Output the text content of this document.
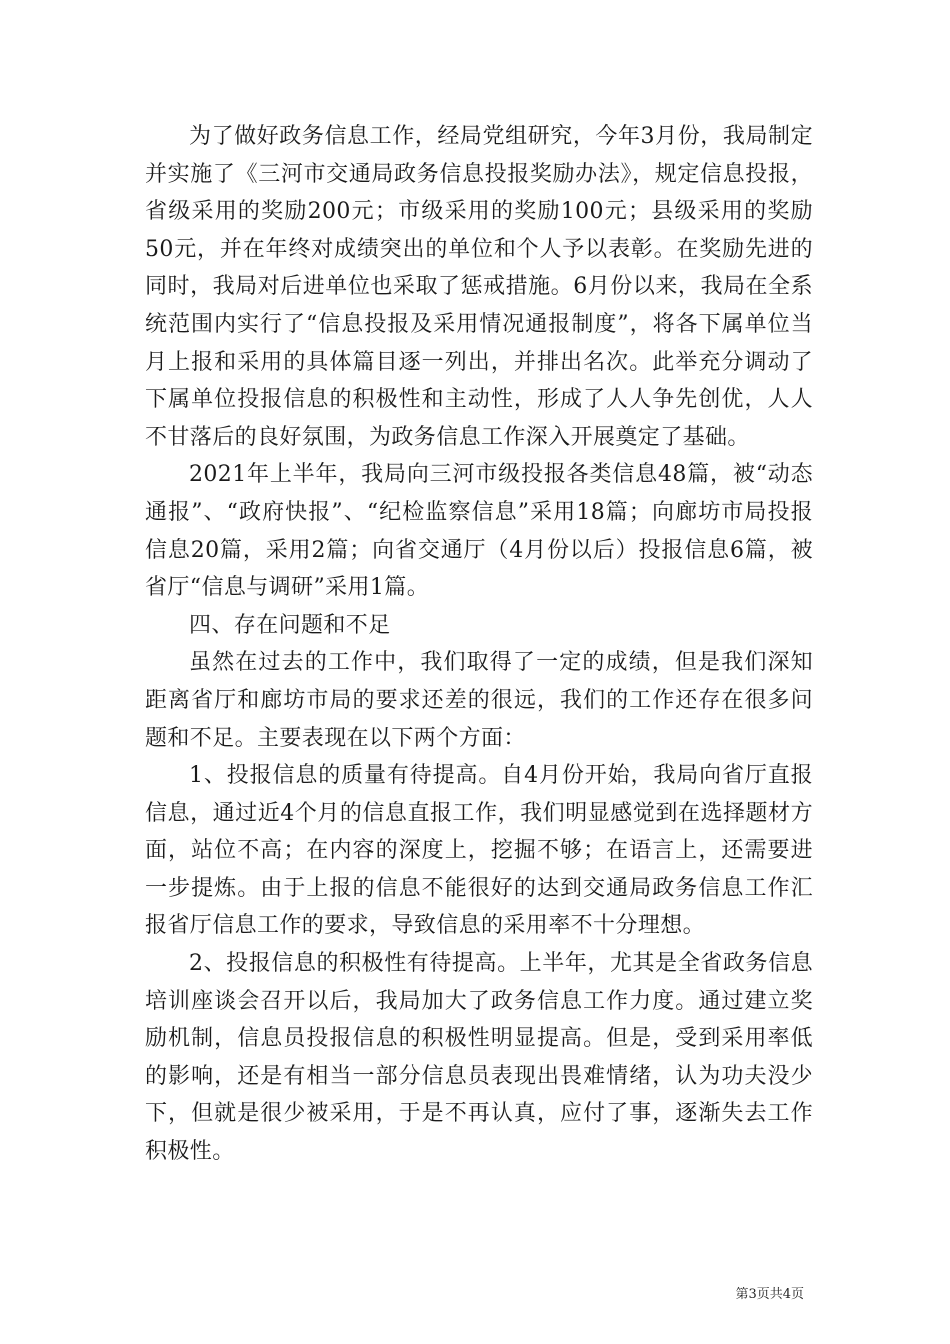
为了做好政务信息工作，经局党组研究，今年3月份，我局制定并实施了《三河市交通局政务信息投报奖励办法》，规定信息投报，省级采用的奖励200元；市级采用的奖励100元；县级采用的奖励50元，并在年终对成绩突出的单位和个人予以表彰。在奖励先进的同时，我局对后进单位也采取了惩戒措施。6月份以来，我局在全系统范围内实行了“信息投报及采用情况通报制度”，将各下属单位当月上报和采用的具体篇目逐一列出，并排出名次。此举充分调动了下属单位投报信息的积极性和主动性，形成了人人争先创优，人人不甘落后的良好氛围，为政务信息工作深入开展奠定了基础。

2021年上半年，我局向三河市级投报各类信息48篇，被“动态通报”、“政府快报”、“纪检监察信息”采用18篇；向廊坊市局投报信息20篇，采用2篇；向省交通厅（4月份以后）投报信息6篇，被省厅“信息与调研”采用1篇。

四、存在问题和不足

虽然在过去的工作中，我们取得了一定的成绩，但是我们深知距离省厅和廊坊市局的要求还差的很远，我们的工作还存在很多问题和不足。主要表现在以下两个方面：

1、投报信息的质量有待提高。自4月份开始，我局向省厅直报信息，通过近4个月的信息直报工作，我们明显感觉到在选择题材方面，站位不高；在内容的深度上，挖掘不够；在语言上，还需要进一步提炼。由于上报的信息不能很好的达到交通局政务信息工作汇报省厅信息工作的要求，导致信息的采用率不十分理想。

2、投报信息的积极性有待提高。上半年，尤其是全省政务信息培训座谈会召开以后，我局加大了政务信息工作力度。通过建立奖励机制，信息员投报信息的积极性明显提高。但是，受到采用率低的影响，还是有相当一部分信息员表现出畏难情绪，认为功夫没少下，但就是很少被采用，于是不再认真，应付了事，逐渐失去工作积极性。

第3页共4页
